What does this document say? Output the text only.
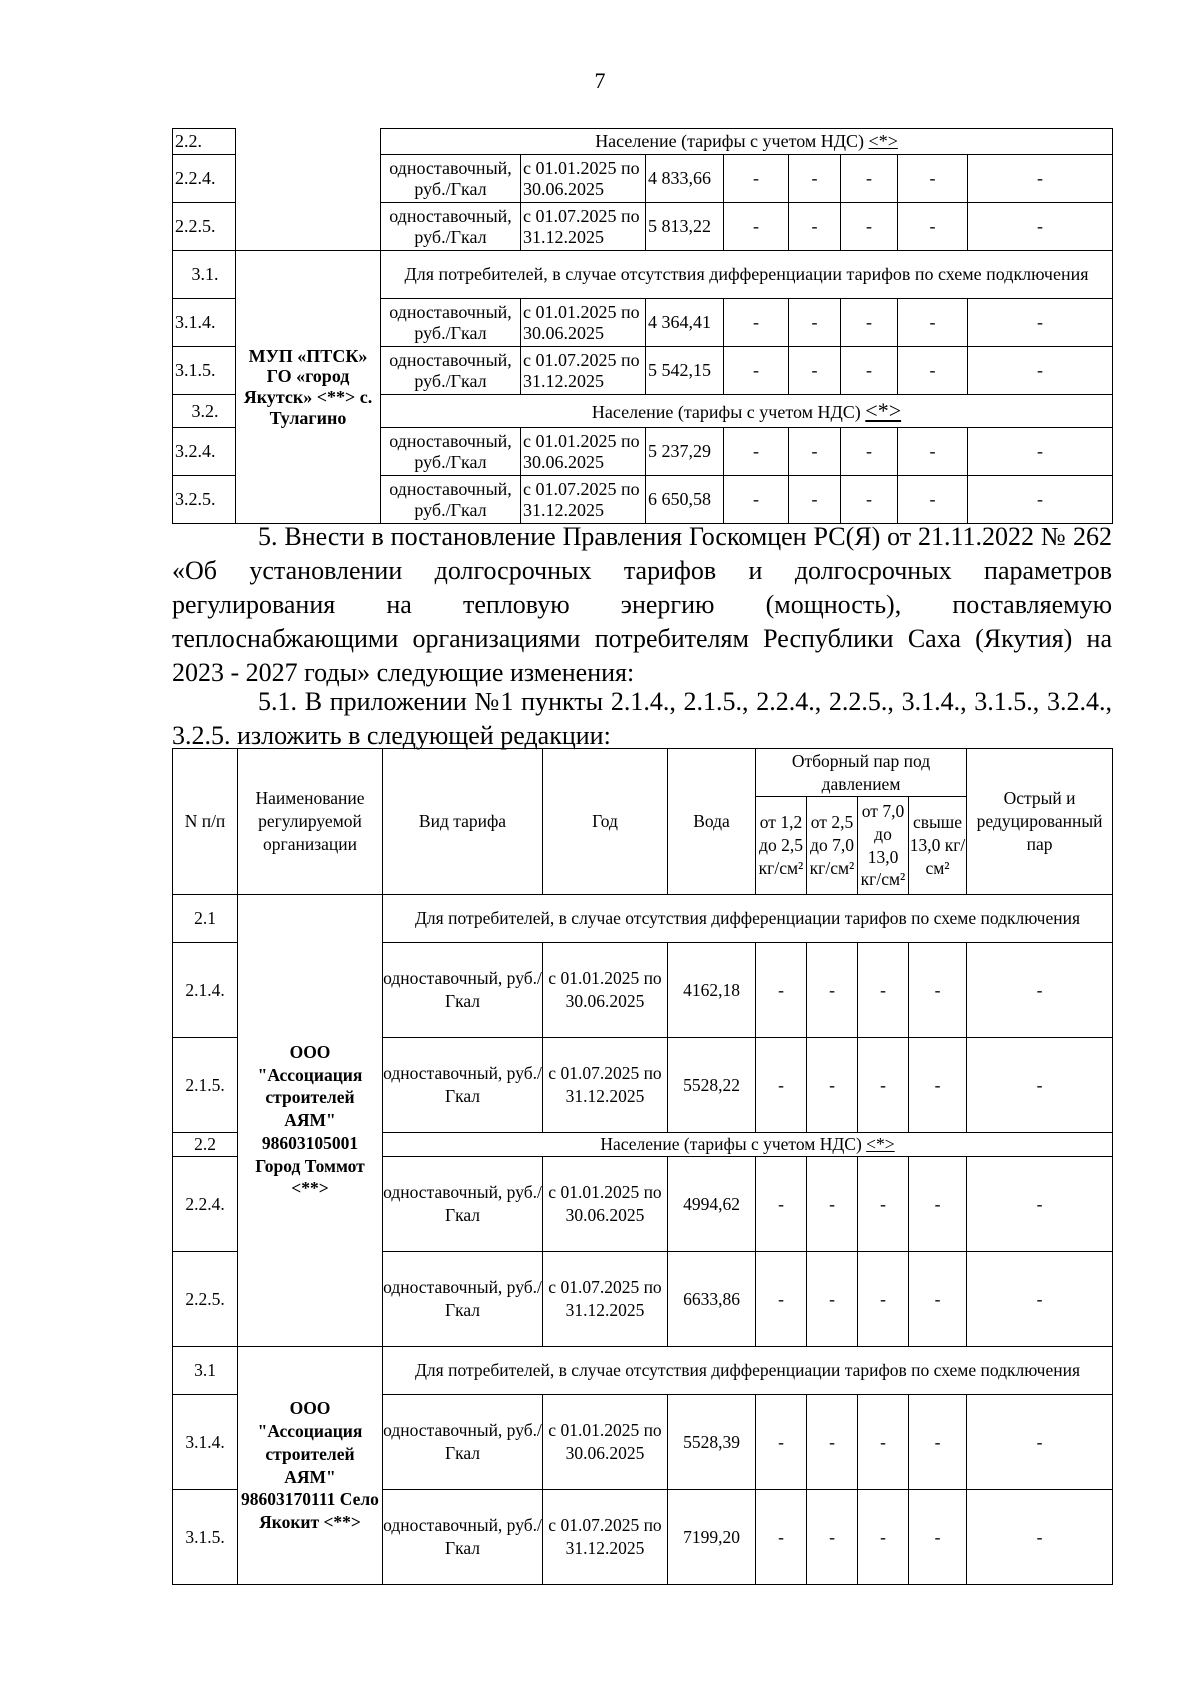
7
2.2.		Население (тарифы с учетом НДС) <*>							
2.2.4.		одноставочный, руб./Гкал	с 01.01.2025 по 30.06.2025	4 833,66	-	-	-	-	-
2.2.5.		одноставочный, руб./Гкал	с 01.07.2025 по 31.12.2025	5 813,22	-	-	-	-	-
3.1.	МУП «ПТСК» ГО «город Якутск» <**> с. Тулагино	Для потребителей, в случае отсутствия дифференциации тарифов по схеме подключения							
3.1.4.		одноставочный, руб./Гкал	с 01.01.2025 по 30.06.2025	4 364,41	-	-	-	-	-
3.1.5.		одноставочный, руб./Гкал	с 01.07.2025 по 31.12.2025	5 542,15	-	-	-	-	-
3.2.		Население (тарифы с учетом НДС) <*>							
3.2.4.		одноставочный, руб./Гкал	с 01.01.2025 по 30.06.2025	5 237,29	-	-	-	-	-
3.2.5.		одноставочный, руб./Гкал	с 01.07.2025 по 31.12.2025	6 650,58	-	-	-	-	-
5. Внести в постановление Правления Госкомцен РС(Я) от 21.11.2022 № 262 «Об установлении долгосрочных тарифов и долгосрочных параметров регулирования на тепловую энергию (мощность), поставляемую теплоснабжающими организациями потребителям Республики Саха (Якутия) на 2023 - 2027 годы» следующие изменения:
5.1. В приложении №1 пункты 2.1.4., 2.1.5., 2.2.4., 2.2.5., 3.1.4., 3.1.5., 3.2.4., 3.2.5. изложить в следующей редакции:
N п/п	Наименование регулируемой организации	Вид тарифа	Год	Вода	Отборный пар под давлением				Острый и редуцированный пар
					от 1,2 до 2,5 кг/см²	от 2,5 до 7,0 кг/см²	от 7,0 до 13,0 кг/см²	свыше 13,0 кг/см²	
2.1	ООО "Ассоциация строителей АЯМ" 98603105001 Город Томмот <**>	Для потребителей, в случае отсутствия дифференциации тарифов по схеме подключения							
2.1.4.		одноставочный, руб./Гкал	с 01.01.2025 по 30.06.2025	4162,18	-	-	-	-	-
2.1.5.		одноставочный, руб./Гкал	с 01.07.2025 по 31.12.2025	5528,22	-	-	-	-	-
2.2		Население (тарифы с учетом НДС) <*>							
2.2.4.		одноставочный, руб./Гкал	с 01.01.2025 по 30.06.2025	4994,62	-	-	-	-	-
2.2.5.		одноставочный, руб./Гкал	с 01.07.2025 по 31.12.2025	6633,86	-	-	-	-	-
3.1	ООО "Ассоциация строителей АЯМ" 98603170111 Село Якокит <**>	Для потребителей, в случае отсутствия дифференциации тарифов по схеме подключения							
3.1.4.		одноставочный, руб./Гкал	с 01.01.2025 по 30.06.2025	5528,39	-	-	-	-	-
3.1.5.		одноставочный, руб./Гкал	с 01.07.2025 по 31.12.2025	7199,20	-	-	-	-	-
